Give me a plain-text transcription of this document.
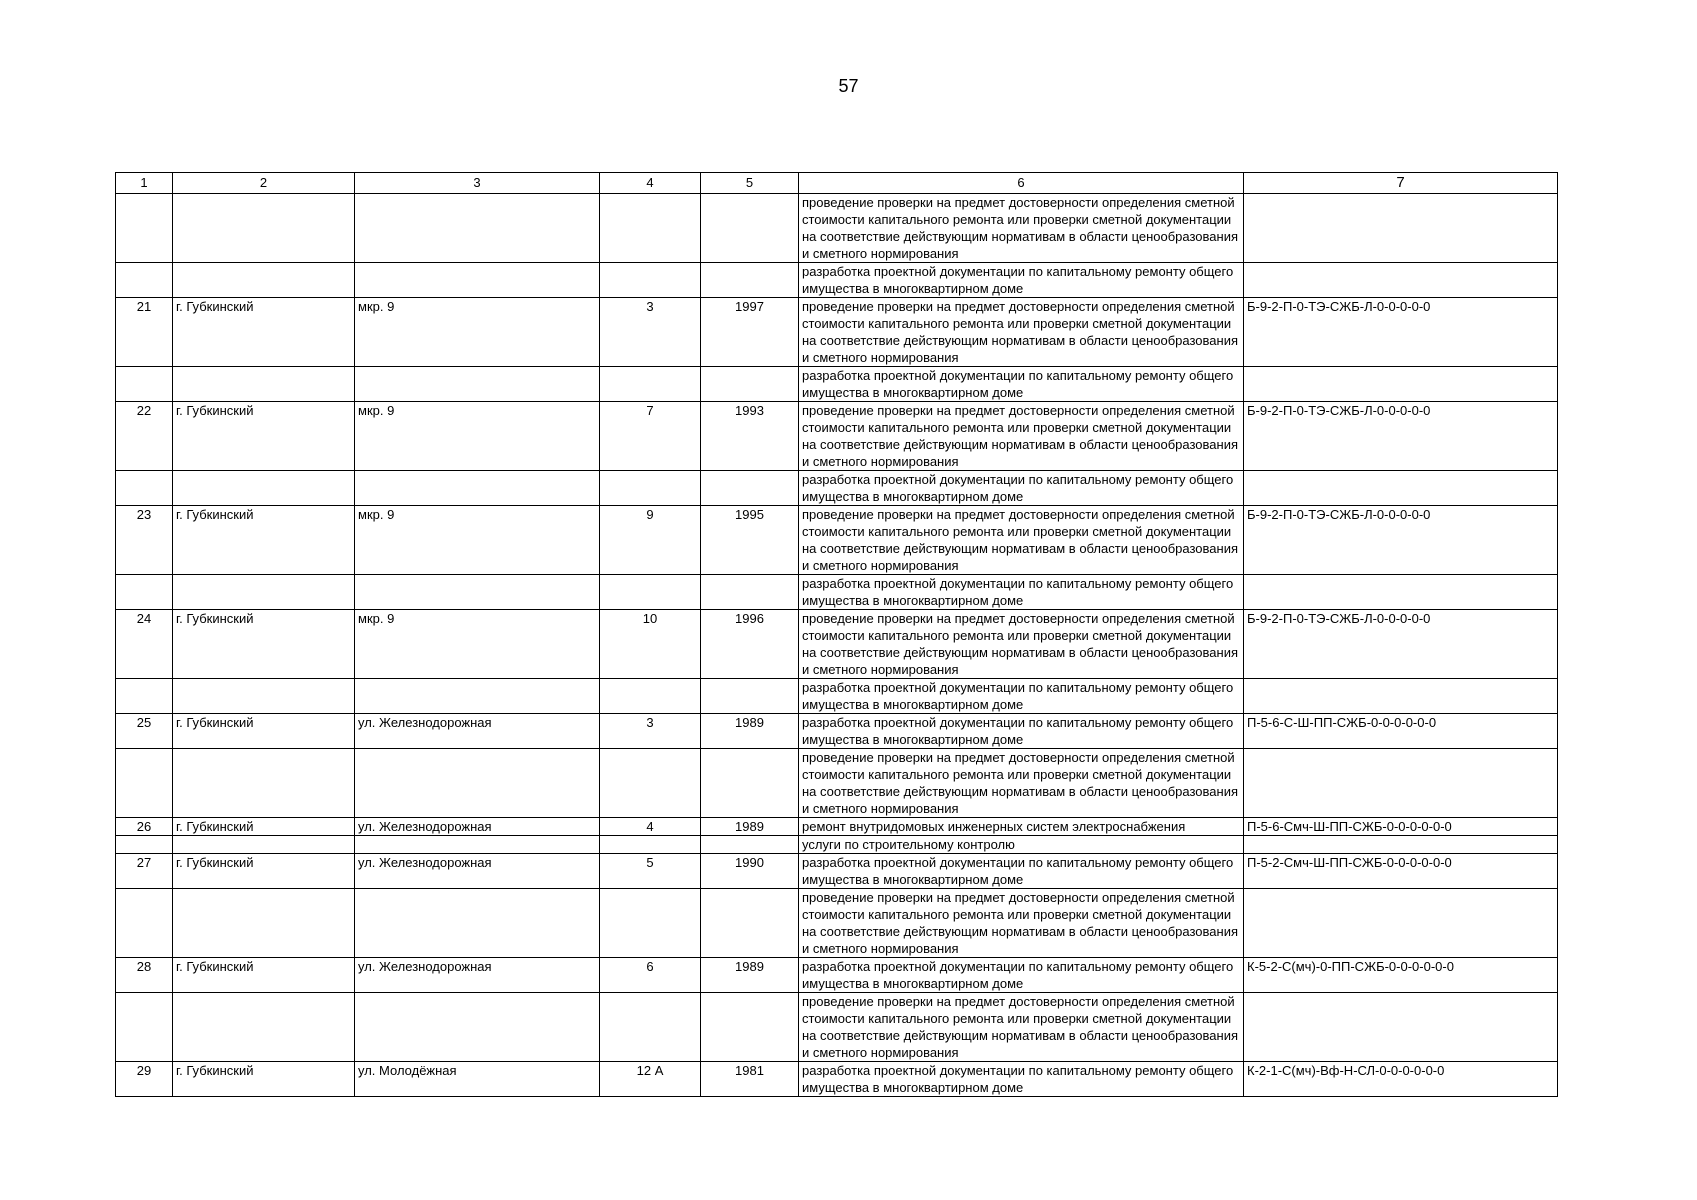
57
1	2	3	4	5	6	7
					проведение проверки на предмет достоверности определения сметной стоимости капитального ремонта или проверки сметной документации на соответствие действующим нормативам в области ценообразования и сметного нормирования	
					разработка проектной документации по капитальному ремонту общего имущества в многоквартирном доме	
21	г. Губкинский	мкр. 9	3	1997	проведение проверки на предмет достоверности определения сметной стоимости капитального ремонта или проверки сметной документации на соответствие действующим нормативам в области ценообразования и сметного нормирования	Б-9-2-П-0-ТЭ-СЖБ-Л-0-0-0-0-0
					разработка проектной документации по капитальному ремонту общего имущества в многоквартирном доме	
22	г. Губкинский	мкр. 9	7	1993	проведение проверки на предмет достоверности определения сметной стоимости капитального ремонта или проверки сметной документации на соответствие действующим нормативам в области ценообразования и сметного нормирования	Б-9-2-П-0-ТЭ-СЖБ-Л-0-0-0-0-0
					разработка проектной документации по капитальному ремонту общего имущества в многоквартирном доме	
23	г. Губкинский	мкр. 9	9	1995	проведение проверки на предмет достоверности определения сметной стоимости капитального ремонта или проверки сметной документации на соответствие действующим нормативам в области ценообразования и сметного нормирования	Б-9-2-П-0-ТЭ-СЖБ-Л-0-0-0-0-0
					разработка проектной документации по капитальному ремонту общего имущества в многоквартирном доме	
24	г. Губкинский	мкр. 9	10	1996	проведение проверки на предмет достоверности определения сметной стоимости капитального ремонта или проверки сметной документации на соответствие действующим нормативам в области ценообразования и сметного нормирования	Б-9-2-П-0-ТЭ-СЖБ-Л-0-0-0-0-0
					разработка проектной документации по капитальному ремонту общего имущества в многоквартирном доме	
25	г. Губкинский	ул. Железнодорожная	3	1989	разработка проектной документации по капитальному ремонту общего имущества в многоквартирном доме	П-5-6-С-Ш-ПП-СЖБ-0-0-0-0-0-0
					проведение проверки на предмет достоверности определения сметной стоимости капитального ремонта или проверки сметной документации на соответствие действующим нормативам в области ценообразования и сметного нормирования	
26	г. Губкинский	ул. Железнодорожная	4	1989	ремонт внутридомовых инженерных систем электроснабжения	П-5-6-Смч-Ш-ПП-СЖБ-0-0-0-0-0-0
					услуги по строительному контролю	
27	г. Губкинский	ул. Железнодорожная	5	1990	разработка проектной документации по капитальному ремонту общего имущества в многоквартирном доме	П-5-2-Смч-Ш-ПП-СЖБ-0-0-0-0-0-0
					проведение проверки на предмет достоверности определения сметной стоимости капитального ремонта или проверки сметной документации на соответствие действующим нормативам в области ценообразования и сметного нормирования	
28	г. Губкинский	ул. Железнодорожная	6	1989	разработка проектной документации по капитальному ремонту общего имущества в многоквартирном доме	К-5-2-С(мч)-0-ПП-СЖБ-0-0-0-0-0-0
					проведение проверки на предмет достоверности определения сметной стоимости капитального ремонта или проверки сметной документации на соответствие действующим нормативам в области ценообразования и сметного нормирования	
29	г. Губкинский	ул. Молодёжная	12 А	1981	разработка проектной документации по капитальному ремонту общего имущества в многоквартирном доме	К-2-1-С(мч)-Вф-Н-СЛ-0-0-0-0-0-0
